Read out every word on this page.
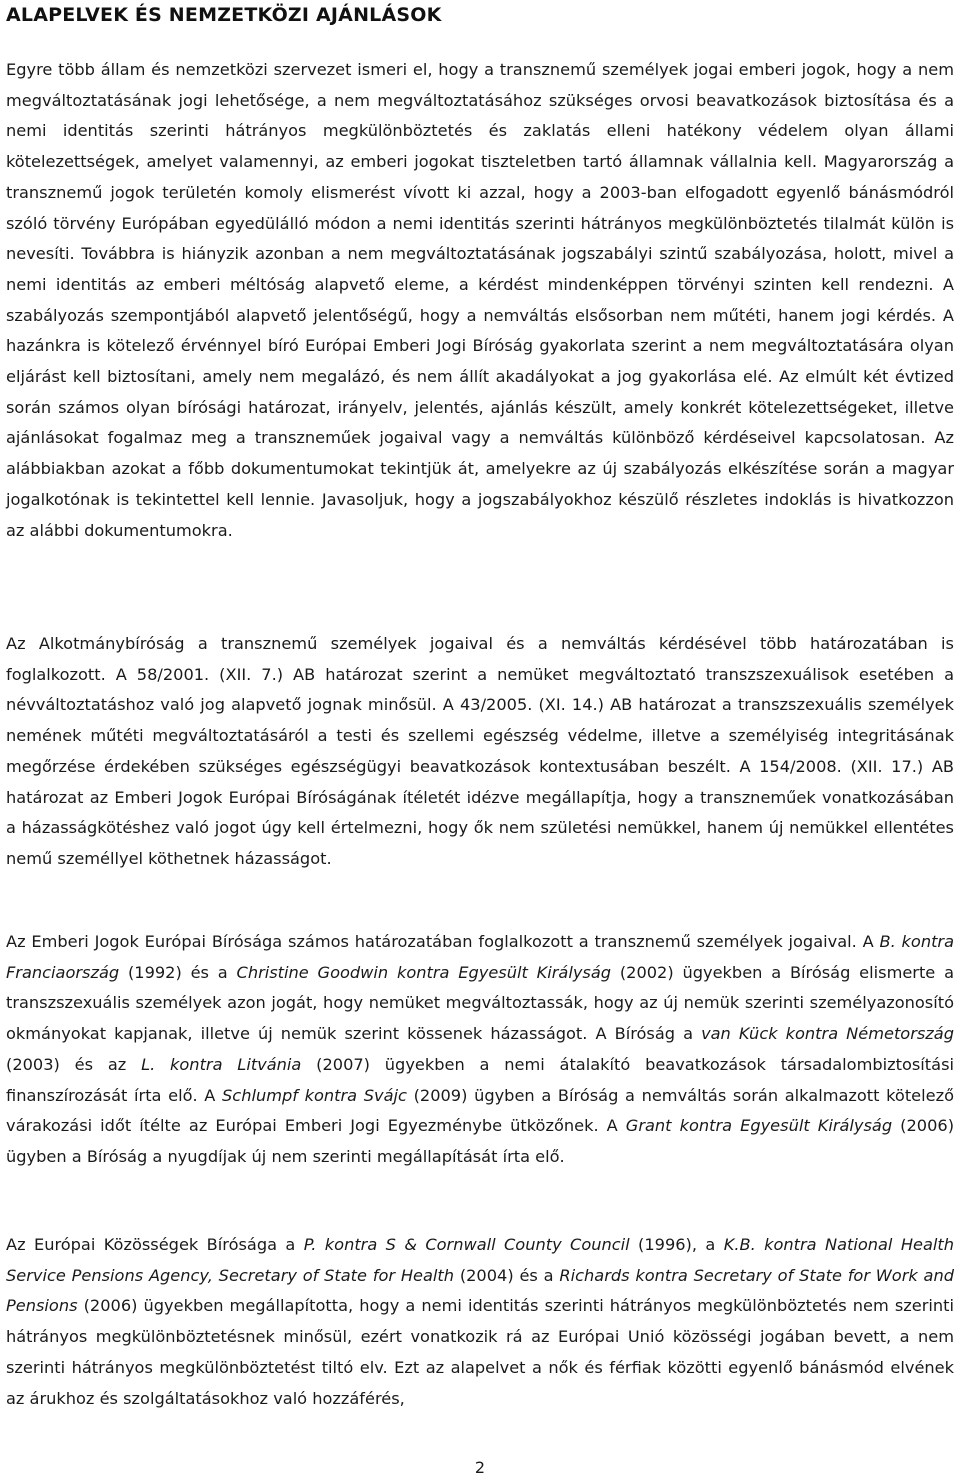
ALAPELVEK ÉS NEMZETKÖZI AJÁNLÁSOK

Egyre több állam és nemzetközi szervezet ismeri el, hogy a transznemű személyek jogai emberi jogok, hogy a nem megváltoztatásának jogi lehetősége, a nem megváltoztatásához szükséges orvosi beavatkozások biztosítása és a nemi identitás szerinti hátrányos megkülönböztetés és zaklatás elleni hatékony védelem olyan állami kötelezettségek, amelyet valamennyi, az emberi jogokat tiszteletben tartó államnak vállalnia kell. Magyarország a transznemű jogok területén komoly elismerést vívott ki azzal, hogy a 2003-ban elfogadott egyenlő bánásmódról szóló törvény Európában egyedülálló módon a nemi identitás szerinti hátrányos megkülönböztetés tilalmát külön is nevesíti. Továbbra is hiányzik azonban a nem megváltoztatásának jogszabályi szintű szabályozása, holott, mivel a nemi identitás az emberi méltóság alapvető eleme, a kérdést mindenképpen törvényi szinten kell rendezni. A szabályozás szempontjából alapvető jelentőségű, hogy a nemváltás elsősorban nem műtéti, hanem jogi kérdés. A hazánkra is kötelező érvénnyel bíró Európai Emberi Jogi Bíróság gyakorlata szerint a nem megváltoztatására olyan eljárást kell biztosítani, amely nem megalázó, és nem állít akadályokat a jog gyakorlása elé. Az elmúlt két évtized során számos olyan bírósági határozat, irányelv, jelentés, ajánlás készült, amely konkrét kötelezettségeket, illetve ajánlásokat fogalmaz meg a transzneműek jogaival vagy a nemváltás különböző kérdéseivel kapcsolatosan. Az alábbiakban azokat a főbb dokumentumokat tekintjük át, amelyekre az új szabályozás elkészítése során a magyar jogalkotónak is tekintettel kell lennie. Javasoljuk, hogy a jogszabályokhoz készülő részletes indoklás is hivatkozzon az alábbi dokumentumokra.

Az Alkotmánybíróság a transznemű személyek jogaival és a nemváltás kérdésével több határozatában is foglalkozott. A 58/2001. (XII. 7.) AB határozat szerint a nemüket megváltoztató transzszexuálisok esetében a névváltoztatáshoz való jog alapvető jognak minősül. A 43/2005. (XI. 14.) AB határozat a transzszexuális személyek nemének műtéti megváltoztatásáról a testi és szellemi egészség védelme, illetve a személyiség integritásának megőrzése érdekében szükséges egészségügyi beavatkozások kontextusában beszélt. A 154/2008. (XII. 17.) AB határozat az Emberi Jogok Európai Bíróságának ítéletét idézve megállapítja, hogy a transzneműek vonatkozásában a házasságkötéshez való jogot úgy kell értelmezni, hogy ők nem születési nemükkel, hanem új nemükkel ellentétes nemű személlyel köthetnek házasságot.

Az Emberi Jogok Európai Bírósága számos határozatában foglalkozott a transznemű személyek jogaival. A B. kontra Franciaország (1992) és a Christine Goodwin kontra Egyesült Királyság (2002) ügyekben a Bíróság elismerte a transzszexuális személyek azon jogát, hogy nemüket megváltoztassák, hogy az új nemük szerinti személyazonosító okmányokat kapjanak, illetve új nemük szerint kössenek házasságot. A Bíróság a van Kück kontra Németország (2003) és az L. kontra Litvánia (2007) ügyekben a nemi átalakító beavatkozások társadalombiztosítási finanszírozását írta elő. A Schlumpf kontra Svájc (2009) ügyben a Bíróság a nemváltás során alkalmazott kötelező várakozási időt ítélte az Európai Emberi Jogi Egyezménybe ütközőnek. A Grant kontra Egyesült Királyság (2006) ügyben a Bíróság a nyugdíjak új nem szerinti megállapítását írta elő.

Az Európai Közösségek Bírósága a P. kontra S & Cornwall County Council (1996), a K.B. kontra National Health Service Pensions Agency, Secretary of State for Health (2004) és a Richards kontra Secretary of State for Work and Pensions (2006) ügyekben megállapította, hogy a nemi identitás szerinti hátrányos megkülönböztetés nem szerinti hátrányos megkülönböztetésnek minősül, ezért vonatkozik rá az Európai Unió közösségi jogában bevett, a nem szerinti hátrányos megkülönböztetést tiltó elv. Ezt az alapelvet a nők és férfiak közötti egyenlő bánásmód elvének az árukhoz és szolgáltatásokhoz való hozzáférés,

2
